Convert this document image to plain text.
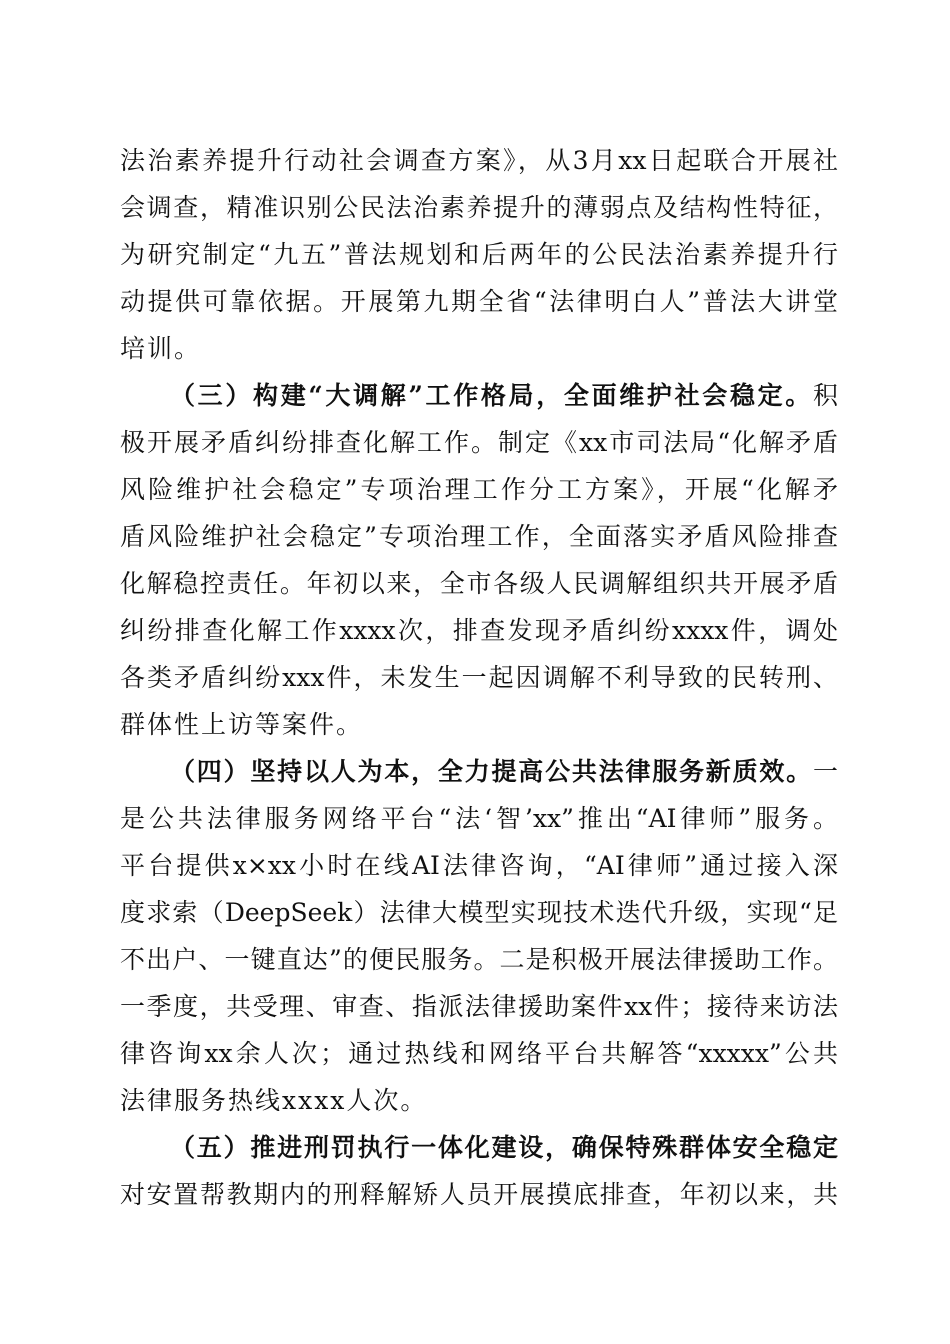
法治素养提升行动社会调查方案》，从3月xx日起联合开展社
会调查，精准识别公民法治素养提升的薄弱点及结构性特征，
为研究制定“九五”普法规划和后两年的公民法治素养提升行
动提供可靠依据。开展第九期全省“法律明白人”普法大讲堂
培训。
（三）构建“大调解”工作格局，全面维护社会稳定。积
极开展矛盾纠纷排查化解工作。制定《xx市司法局“化解矛盾
风险维护社会稳定”专项治理工作分工方案》，开展“化解矛
盾风险维护社会稳定”专项治理工作，全面落实矛盾风险排查
化解稳控责任。年初以来，全市各级人民调解组织共开展矛盾
纠纷排查化解工作xxxx次，排查发现矛盾纠纷xxxx件，调处
各类矛盾纠纷xxx件，未发生一起因调解不利导致的民转刑、
群体性上访等案件。
（四）坚持以人为本，全力提高公共法律服务新质效。一
是公共法律服务网络平台“法‘智’xx”推出“AI律师”服务。
平台提供x×xx小时在线AI法律咨询，“AI律师”通过接入深
度求索（DeepSeek）法律大模型实现技术迭代升级，实现“足
不出户、一键直达”的便民服务。二是积极开展法律援助工作。
一季度，共受理、审查、指派法律援助案件xx件；接待来访法
律咨询xx余人次；通过热线和网络平台共解答“xxxxx”公共
法律服务热线xxxx人次。
（五）推进刑罚执行一体化建设，确保特殊群体安全稳定
对安置帮教期内的刑释解矫人员开展摸底排查，年初以来，共
